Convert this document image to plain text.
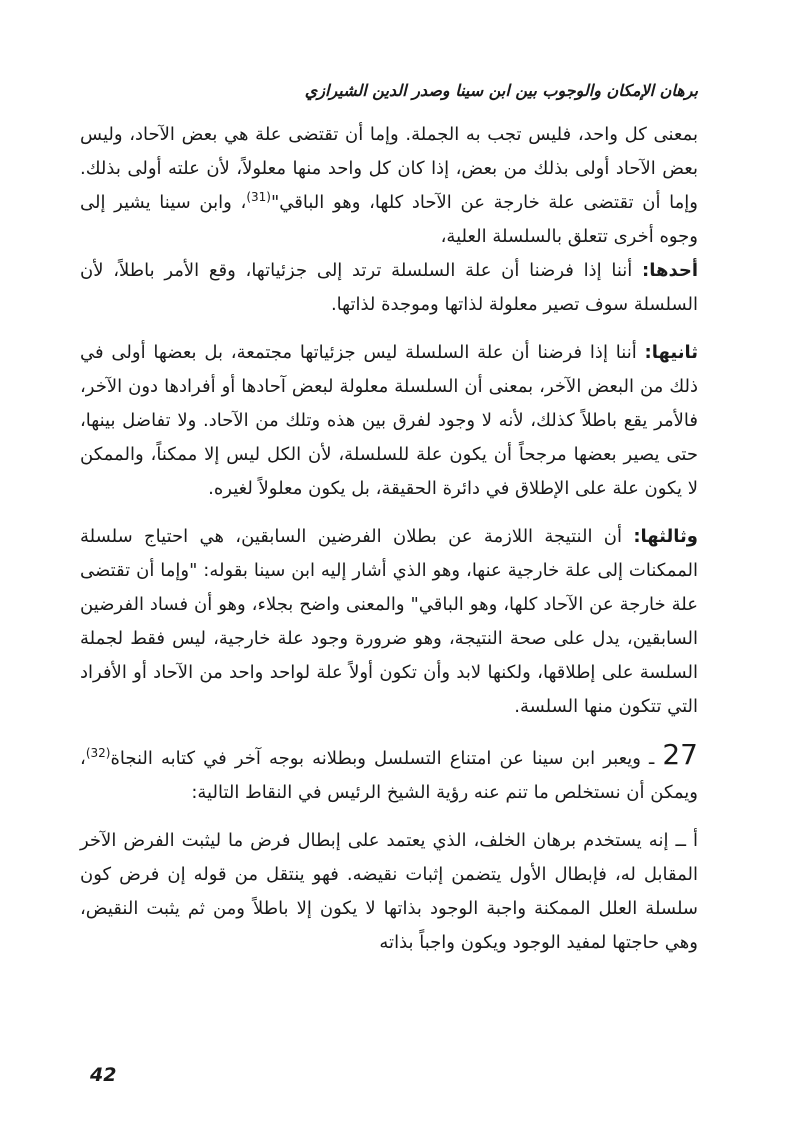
برهان الإمكان والوجوب بين ابن سينا وصدر الدين الشيرازي

بمعنى كل واحد، فليس تجب به الجملة. وإما أن تقتضى علة هي بعض الآحاد، وليس بعض الآحاد أولى بذلك من بعض، إذا كان كل واحد منها معلولاً، لأن علته أولى بذلك. وإما أن تقتضى علة خارجة عن الآحاد كلها، وهو الباقي"$^{(31)}$، وابن سينا يشير إلى وجوه أخرى تتعلق بالسلسلة العلية،

أحدها: أننا إذا فرضنا أن علة السلسلة ترتد إلى جزئياتها، وقع الأمر باطلاً، لأن السلسلة سوف تصير معلولة لذاتها وموجدة لذاتها.

ثانيها: أننا إذا فرضنا أن علة السلسلة ليس جزئياتها مجتمعة، بل بعضها أولى في ذلك من البعض الآخر، بمعنى أن السلسلة معلولة لبعض آحادها أو أفرادها دون الآخر، فالأمر يقع باطلاً كذلك، لأنه لا وجود لفرق بين هذه وتلك من الآحاد. ولا تفاضل بينها، حتى يصير بعضها مرجحاً أن يكون علة للسلسلة، لأن الكل ليس إلا ممكناً، والممكن لا يكون علة على الإطلاق في دائرة الحقيقة، بل يكون معلولاً لغيره.

وثالثها: أن النتيجة اللازمة عن بطلان الفرضين السابقين، هي احتياج سلسلة الممكنات إلى علة خارجية عنها، وهو الذي أشار إليه ابن سينا بقوله: "وإما أن تقتضى علة خارجة عن الآحاد كلها، وهو الباقي" والمعنى واضح بجلاء، وهو أن فساد الفرضين السابقين، يدل على صحة النتيجة، وهو ضرورة وجود علة خارجية، ليس فقط لجملة السلسة على إطلاقها، ولكنها لابد وأن تكون أولاً علة لواحد واحد من الآحاد أو الأفراد التي تتكون منها السلسة.

27 ـ ويعبر ابن سينا عن امتناع التسلسل وبطلانه بوجه آخر في كتابه النجاة$^{(32)}$، ويمكن أن نستخلص ما تنم عنه رؤية الشيخ الرئيس في النقاط التالية:

أ ــ إنه يستخدم برهان الخلف، الذي يعتمد على إبطال فرض ما ليثبت الفرض الآخر المقابل له، فإبطال الأول يتضمن إثبات نقيضه. فهو ينتقل من قوله إن فرض كون سلسلة العلل الممكنة واجبة الوجود بذاتها لا يكون إلا باطلاً ومن ثم يثبت النقيض، وهي حاجتها لمفيد الوجود ويكون واجباً بذاته

42
